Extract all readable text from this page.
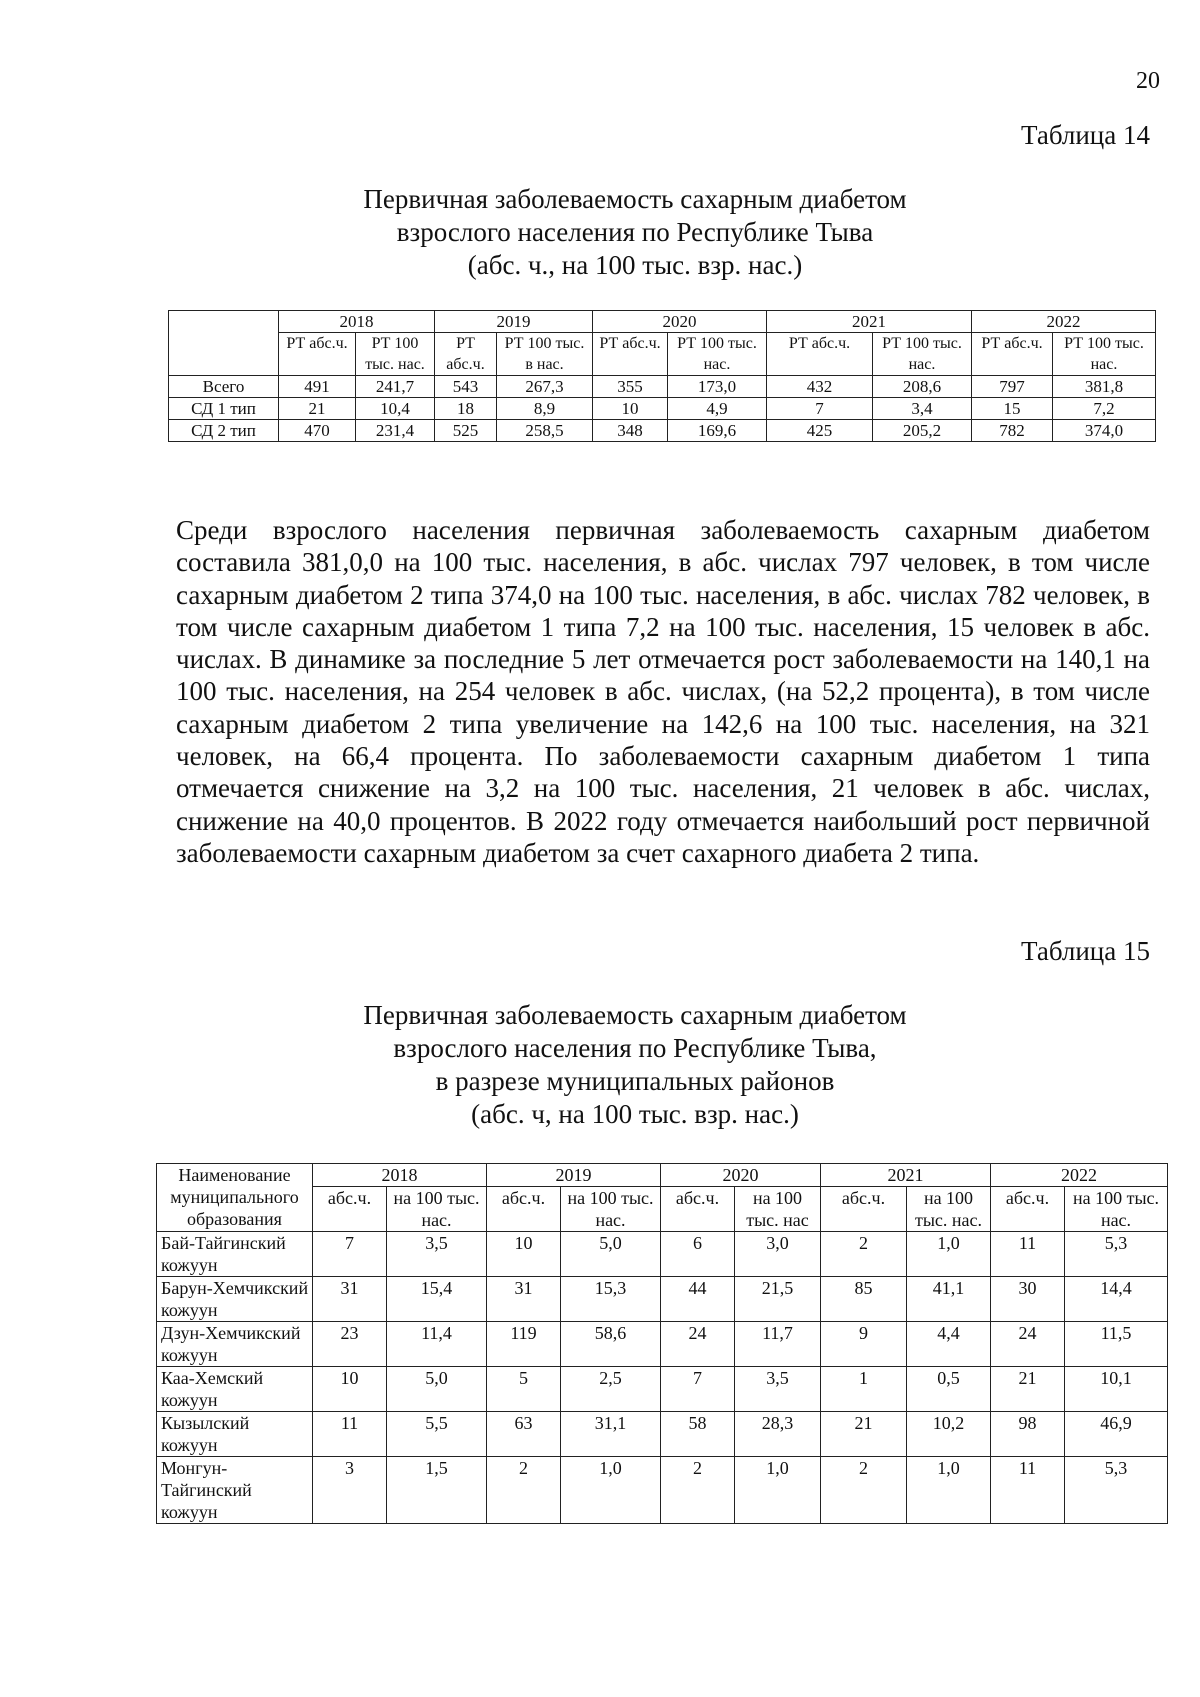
20
Таблица 14
Первичная заболеваемость сахарным диабетом
взрослого населения по Республике Тыва
(абс. ч., на 100 тыс. взр. нас.)
	2018		2019		2020		2021		2022	
	РТ абс.ч.	РТ 100 тыс. нас.	РТ абс.ч.	РТ 100 тыс. в нас.	РТ абс.ч.	РТ 100 тыс. нас.	РТ абс.ч.	РТ 100 тыс. нас.	РТ абс.ч.	РТ 100 тыс. нас.
Всего	491	241,7	543	267,3	355	173,0	432	208,6	797	381,8
СД 1 тип	21	10,4	18	8,9	10	4,9	7	3,4	15	7,2
СД 2 тип	470	231,4	525	258,5	348	169,6	425	205,2	782	374,0
Среди взрослого населения первичная заболеваемость сахарным диабетом составила 381,0,0 на 100 тыс. населения, в абс. числах 797 человек, в том числе сахарным диабетом 2 типа 374,0 на 100 тыс. населения, в абс. числах 782 человек, в том числе сахарным диабетом 1 типа 7,2 на 100 тыс. населения, 15 человек в абс. числах. В динамике за последние 5 лет отмечается рост заболеваемости на 140,1 на 100 тыс. населения, на 254 человек в абс. числах, (на 52,2 процента), в том числе сахарным диабетом 2 типа увеличение на 142,6 на 100 тыс. населения, на 321 человек, на 66,4 процента. По заболеваемости сахарным диабетом 1 типа отмечается снижение на 3,2 на 100 тыс. населения, 21 человек в абс. числах, снижение на 40,0 процентов. В 2022 году отмечается наибольший рост первичной заболеваемости сахарным диабетом за счет сахарного диабета 2 типа.
Таблица 15
Первичная заболеваемость сахарным диабетом
взрослого населения по Республике Тыва,
в разрезе муниципальных районов
(абс. ч, на 100 тыс. взр. нас.)
Наименование муниципального образования	2018		2019		2020		2021		2022	
	абс.ч.	на 100 тыс. нас.	абс.ч.	на 100 тыс. нас.	абс.ч.	на 100 тыс. нас	абс.ч.	на 100 тыс. нас.	абс.ч.	на 100 тыс. нас.
Бай-Тайгинский кожуун	7	3,5	10	5,0	6	3,0	2	1,0	11	5,3
Барун-Хемчикский кожуун	31	15,4	31	15,3	44	21,5	85	41,1	30	14,4
Дзун-Хемчикский кожуун	23	11,4	119	58,6	24	11,7	9	4,4	24	11,5
Каа-Хемский кожуун	10	5,0	5	2,5	7	3,5	1	0,5	21	10,1
Кызылский кожуун	11	5,5	63	31,1	58	28,3	21	10,2	98	46,9
Монгун-Тайгинский кожуун	3	1,5	2	1,0	2	1,0	2	1,0	11	5,3
